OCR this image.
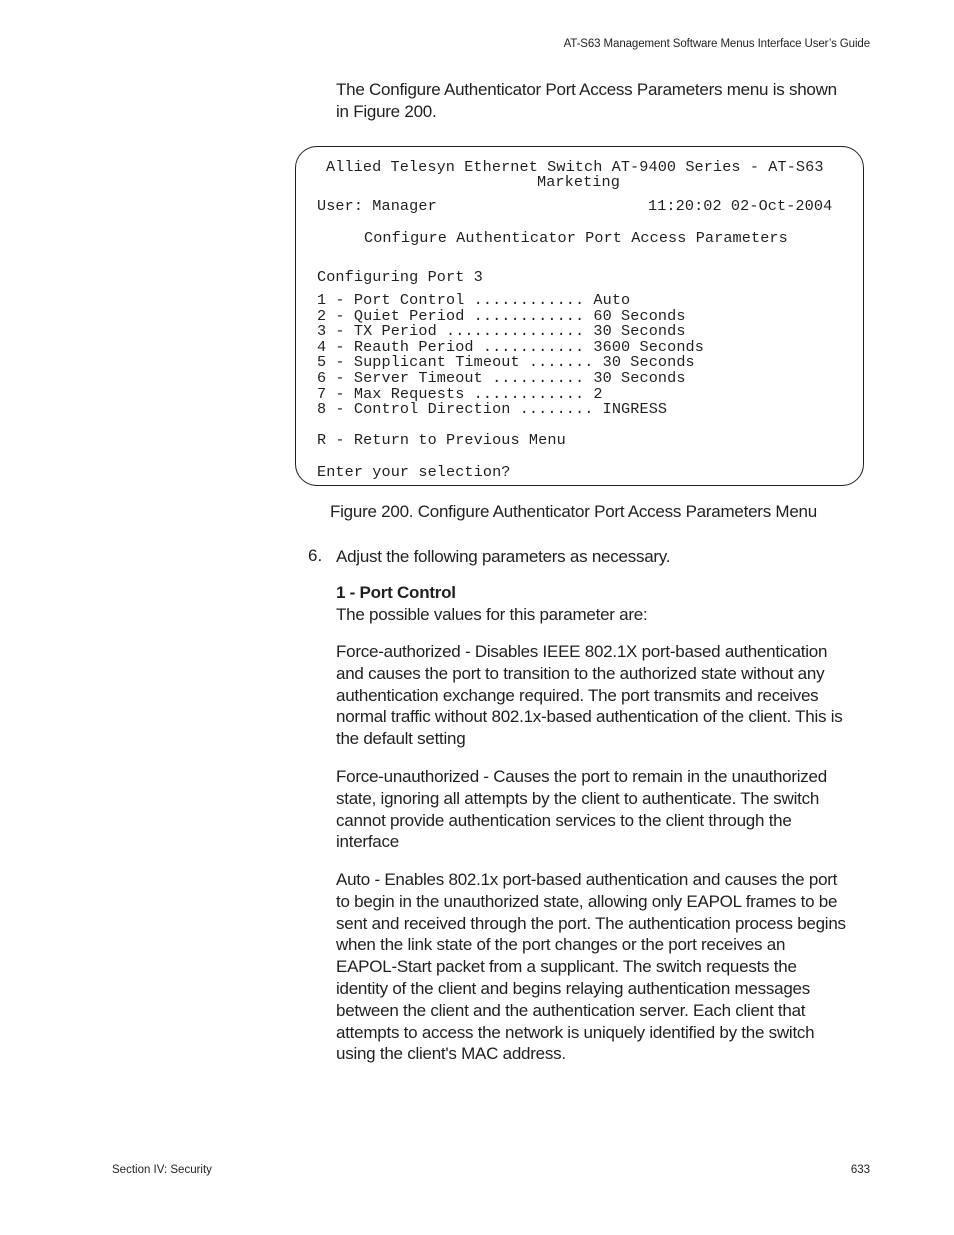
AT-S63 Management Software Menus Interface User’s Guide
The Configure Authenticator Port Access Parameters menu is shown in Figure 200.
Allied Telesyn Ethernet Switch AT-9400 Series - AT-S63
Marketing
User: Manager	11:20:02 02-Oct-2004
Configure Authenticator Port Access Parameters
Configuring Port 3
1 - Port Control ............ Auto
2 - Quiet Period ............ 60 Seconds
3 - TX Period ............... 30 Seconds
4 - Reauth Period ........... 3600 Seconds
5 - Supplicant Timeout ....... 30 Seconds
6 - Server Timeout .......... 30 Seconds
7 - Max Requests ............ 2
8 - Control Direction ........ INGRESS
R - Return to Previous Menu
Enter your selection?
Figure 200. Configure Authenticator Port Access Parameters Menu
6. Adjust the following parameters as necessary.
1 - Port Control
The possible values for this parameter are:
Force-authorized - Disables IEEE 802.1X port-based authentication and causes the port to transition to the authorized state without any authentication exchange required. The port transmits and receives normal traffic without 802.1x-based authentication of the client. This is the default setting
Force-unauthorized - Causes the port to remain in the unauthorized state, ignoring all attempts by the client to authenticate. The switch cannot provide authentication services to the client through the interface
Auto - Enables 802.1x port-based authentication and causes the port to begin in the unauthorized state, allowing only EAPOL frames to be sent and received through the port. The authentication process begins when the link state of the port changes or the port receives an EAPOL-Start packet from a supplicant. The switch requests the identity of the client and begins relaying authentication messages between the client and the authentication server. Each client that attempts to access the network is uniquely identified by the switch using the client's MAC address.
Section IV: Security	633
